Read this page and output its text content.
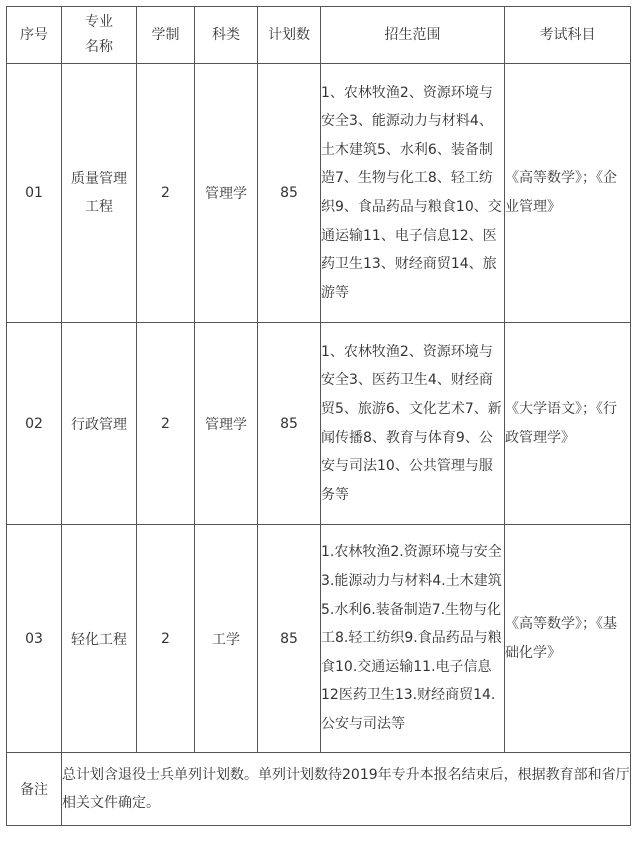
序号	专业名称	学制	科类	计划数	招生范围	考试科目
01	质量管理工程	2	管理学	85	1、农林牧渔2、资源环境与安全3、能源动力与材料4、土木建筑5、水利6、装备制造7、生物与化工8、轻工纺织9、食品药品与粮食10、交通运输11、电子信息12、医药卫生13、财经商贸14、旅游等	《高等数学》；《企业管理》
02	行政管理	2	管理学	85	1、农林牧渔2、资源环境与安全3、医药卫生4、财经商贸5、旅游6、文化艺术7、新闻传播8、教育与体育9、公安与司法10、公共管理与服务等	《大学语文》；《行政管理学》
03	轻化工程	2	工学	85	1.农林牧渔2.资源环境与安全3.能源动力与材料4.土木建筑5.水利6.装备制造7.生物与化工8.轻工纺织9.食品药品与粮食10.交通运输11.电子信息12医药卫生13.财经商贸14.公安与司法等	《高等数学》；《基础化学》
备注	总计划含退役士兵单列计划数。单列计划数待2019年专升本报名结束后，根据教育部和省厅相关文件确定。					
